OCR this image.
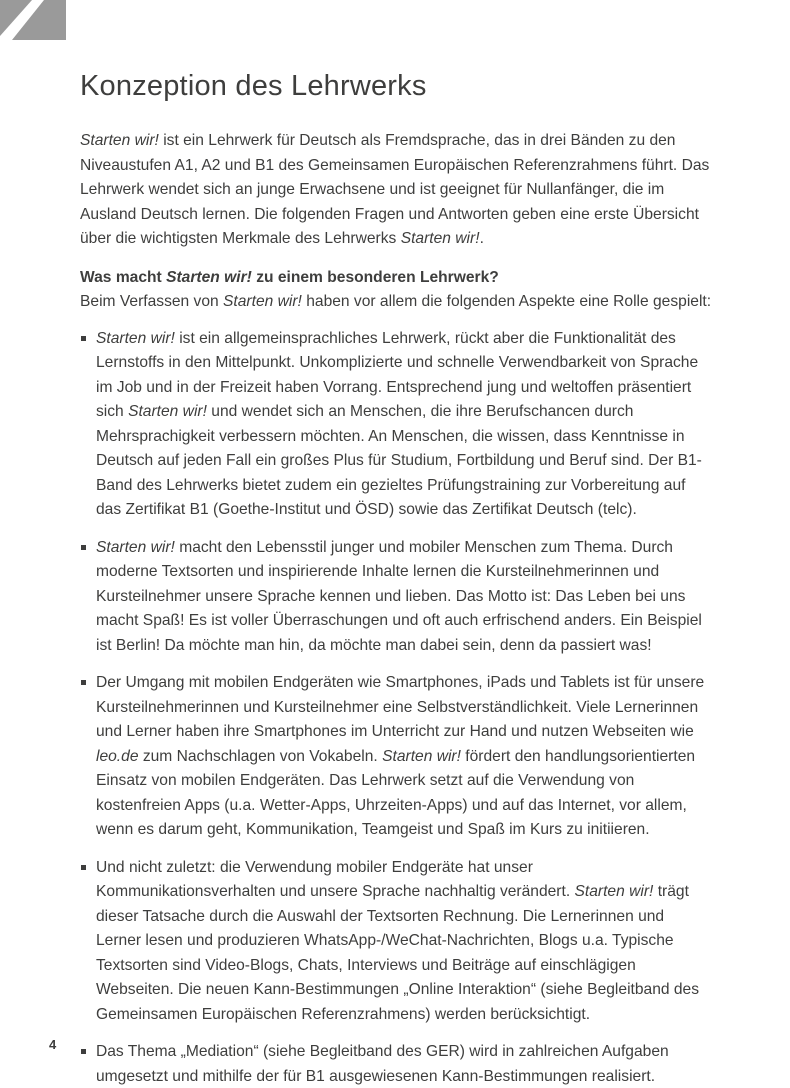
Konzeption des Lehrwerks

Starten wir! ist ein Lehrwerk für Deutsch als Fremdsprache, das in drei Bänden zu den Niveaustufen A1, A2 und B1 des Gemeinsamen Europäischen Referenzrahmens führt. Das Lehrwerk wendet sich an junge Erwachsene und ist geeignet für Nullanfänger, die im Ausland Deutsch lernen. Die folgenden Fragen und Antworten geben eine erste Übersicht über die wichtigsten Merkmale des Lehrwerks Starten wir!.

Was macht Starten wir! zu einem besonderen Lehrwerk?

Beim Verfassen von Starten wir! haben vor allem die folgenden Aspekte eine Rolle gespielt:

Starten wir! ist ein allgemeinsprachliches Lehrwerk, rückt aber die Funktionalität des Lernstoffs in den Mittelpunkt. Unkomplizierte und schnelle Verwendbarkeit von Sprache im Job und in der Freizeit haben Vorrang. Entsprechend jung und weltoffen präsentiert sich Starten wir! und wendet sich an Menschen, die ihre Berufschancen durch Mehrsprachigkeit verbessern möchten. An Menschen, die wissen, dass Kenntnisse in Deutsch auf jeden Fall ein großes Plus für Studium, Fortbildung und Beruf sind. Der B1-Band des Lehrwerks bietet zudem ein gezieltes Prüfungstraining zur Vorbereitung auf das Zertifikat B1 (Goethe-Institut und ÖSD) sowie das Zertifikat Deutsch (telc).
Starten wir! macht den Lebensstil junger und mobiler Menschen zum Thema. Durch moderne Textsorten und inspirierende Inhalte lernen die Kursteilnehmerinnen und Kursteilnehmer unsere Sprache kennen und lieben. Das Motto ist: Das Leben bei uns macht Spaß! Es ist voller Überraschungen und oft auch erfrischend anders. Ein Beispiel ist Berlin! Da möchte man hin, da möchte man dabei sein, denn da passiert was!
Der Umgang mit mobilen Endgeräten wie Smartphones, iPads und Tablets ist für unsere Kursteilnehmerinnen und Kursteilnehmer eine Selbstverständlichkeit. Viele Lernerinnen und Lerner haben ihre Smartphones im Unterricht zur Hand und nutzen Webseiten wie leo.de zum Nachschlagen von Vokabeln. Starten wir! fördert den handlungsorientierten Einsatz von mobilen Endgeräten. Das Lehrwerk setzt auf die Verwendung von kostenfreien Apps (u.a. Wetter-Apps, Uhrzeiten-Apps) und auf das Internet, vor allem, wenn es darum geht, Kommunikation, Teamgeist und Spaß im Kurs zu initiieren.
Und nicht zuletzt: die Verwendung mobiler Endgeräte hat unser Kommunikationsverhalten und unsere Sprache nachhaltig verändert. Starten wir! trägt dieser Tatsache durch die Auswahl der Textsorten Rechnung. Die Lernerinnen und Lerner lesen und produzieren WhatsApp-/WeChat-Nachrichten, Blogs u.a. Typische Textsorten sind Video-Blogs, Chats, Interviews und Beiträge auf einschlägigen Webseiten. Die neuen Kann-Bestimmungen „Online Interaktion“ (siehe Begleitband des Gemeinsamen Europäischen Referenzrahmens) werden berücksichtigt.
Das Thema „Mediation“ (siehe Begleitband des GER) wird in zahlreichen Aufgaben umgesetzt und mithilfe der für B1 ausgewiesenen Kann-Bestimmungen realisiert.
4
